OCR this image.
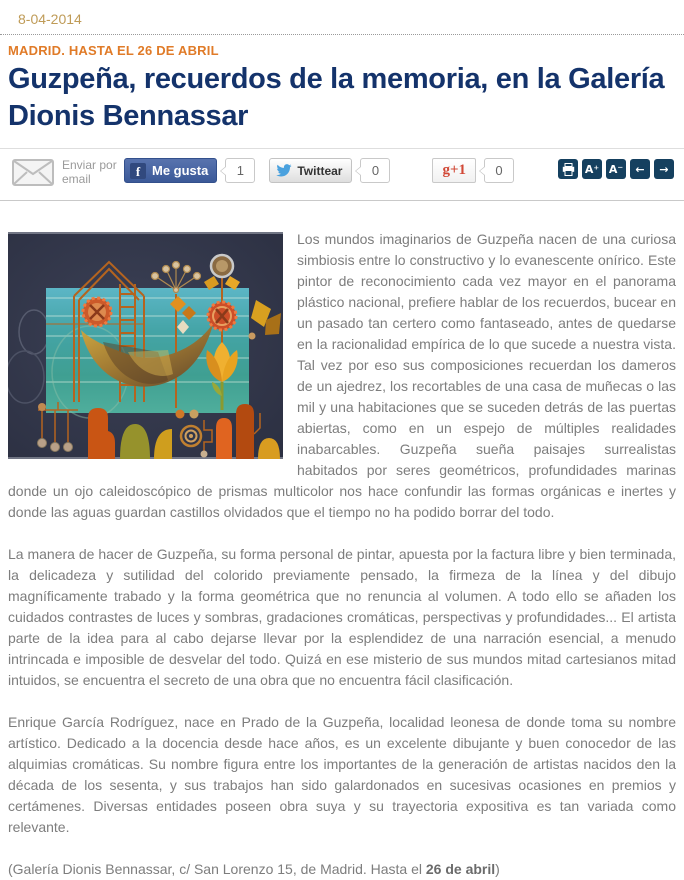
8-04-2014
MADRID. HASTA EL 26 DE ABRIL
Guzpeña, recuerdos de la memoria, en la Galería Dionis Bennassar
Enviar por
email
f Me gusta	1	Twittear	0	g+1	0	A⁺ A⁻	←	→

Los mundos imaginarios de Guzpeña nacen de una curiosa simbiosis entre lo constructivo y lo evanescente onírico. Este pintor de reconocimiento cada vez mayor en el panorama plástico nacional, prefiere hablar de los recuerdos, bucear en un pasado tan certero como fantaseado, antes de quedarse en la racionalidad empírica de lo que sucede a nuestra vista. Tal vez por eso sus composiciones recuerdan los dameros de un ajedrez, los recortables de una casa de muñecas o las mil y una habitaciones que se suceden detrás de las puertas abiertas, como en un espejo de múltiples realidades inabarcables. Guzpeña sueña paisajes surrealistas habitados por seres geométricos, profundidades marinas donde un ojo caleidoscópico de prismas multicolor nos hace confundir las formas orgánicas e inertes y donde las aguas guardan castillos olvidados que el tiempo no ha podido borrar del todo.

La manera de hacer de Guzpeña, su forma personal de pintar, apuesta por la factura libre y bien terminada, la delicadeza y sutilidad del colorido previamente pensado, la firmeza de la línea y del dibujo magníficamente trabado y la forma geométrica que no renuncia al volumen. A todo ello se añaden los cuidados contrastes de luces y sombras, gradaciones cromáticas, perspectivas y profundidades... El artista parte de la idea para al cabo dejarse llevar por la esplendidez de una narración esencial, a menudo intrincada e imposible de desvelar del todo. Quizá en ese misterio de sus mundos mitad cartesianos mitad intuidos, se encuentra el secreto de una obra que no encuentra fácil clasificación.

Enrique García Rodríguez, nace en Prado de la Guzpeña, localidad leonesa de donde toma su nombre artístico. Dedicado a la docencia desde hace años, es un excelente dibujante y buen conocedor de las alquimias cromáticas. Su nombre figura entre los importantes de la generación de artistas nacidos den la década de los sesenta, y sus trabajos han sido galardonados en sucesivas ocasiones en premios y certámenes. Diversas entidades poseen obra suya y su trayectoria expositiva es tan variada como relevante.

(Galería Dionis Bennassar, c/ San Lorenzo 15, de Madrid. Hasta el 26 de abril)
